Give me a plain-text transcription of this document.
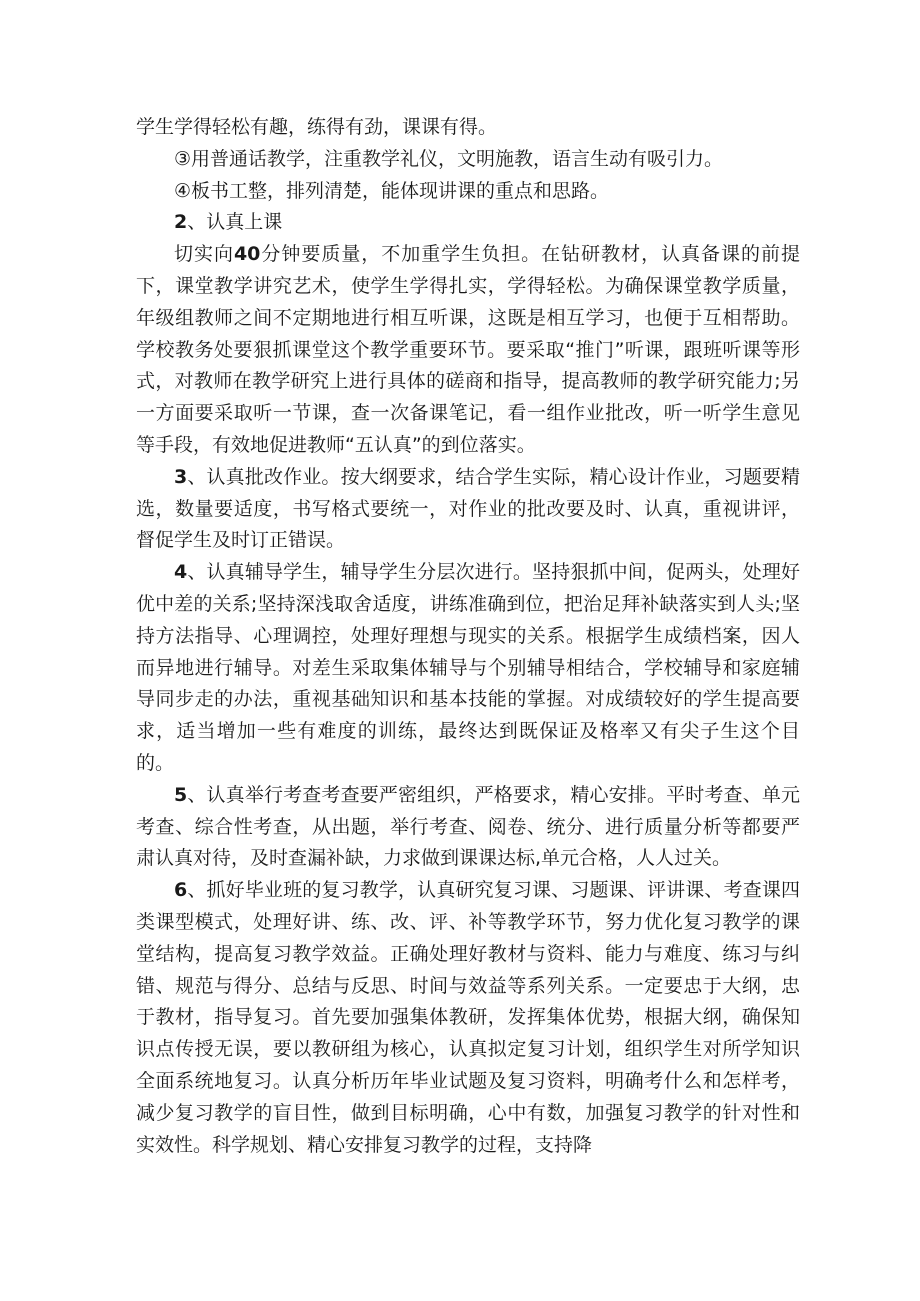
学生学得轻松有趣，练得有劲，课课有得。

③用普通话教学，注重教学礼仪，文明施教，语言生动有吸引力。

④板书工整，排列清楚，能体现讲课的重点和思路。

2、认真上课

切实向40分钟要质量，不加重学生负担。在钻研教材，认真备课的前提下，课堂教学讲究艺术，使学生学得扎实，学得轻松。为确保课堂教学质量，年级组教师之间不定期地进行相互听课，这既是相互学习，也便于互相帮助。学校教务处要狠抓课堂这个教学重要环节。要采取“推门”听课，跟班听课等形式，对教师在教学研究上进行具体的磋商和指导，提高教师的教学研究能力;另一方面要采取听一节课，查一次备课笔记，看一组作业批改，听一听学生意见等手段，有效地促进教师“五认真”的到位落实。

3、认真批改作业。按大纲要求，结合学生实际，精心设计作业，习题要精选，数量要适度，书写格式要统一，对作业的批改要及时、认真，重视讲评，督促学生及时订正错误。

4、认真辅导学生，辅导学生分层次进行。坚持狠抓中间，促两头，处理好优中差的关系;坚持深浅取舍适度，讲练准确到位，把治足拜补缺落实到人头;坚持方法指导、心理调控，处理好理想与现实的关系。根据学生成绩档案，因人而异地进行辅导。对差生采取集体辅导与个别辅导相结合，学校辅导和家庭辅导同步走的办法，重视基础知识和基本技能的掌握。对成绩较好的学生提高要求，适当增加一些有难度的训练，最终达到既保证及格率又有尖子生这个目的。

5、认真举行考查考查要严密组织，严格要求，精心安排。平时考查、单元考查、综合性考查，从出题，举行考查、阅卷、统分、进行质量分析等都要严肃认真对待，及时查漏补缺，力求做到课课达标,单元合格，人人过关。

6、抓好毕业班的复习教学，认真研究复习课、习题课、评讲课、考查课四类课型模式，处理好讲、练、改、评、补等教学环节，努力优化复习教学的课堂结构，提高复习教学效益。正确处理好教材与资料、能力与难度、练习与纠错、规范与得分、总结与反思、时间与效益等系列关系。一定要忠于大纲，忠于教材，指导复习。首先要加强集体教研，发挥集体优势，根据大纲，确保知识点传授无误，要以教研组为核心，认真拟定复习计划，组织学生对所学知识全面系统地复习。认真分析历年毕业试题及复习资料，明确考什么和怎样考，减少复习教学的盲目性，做到目标明确，心中有数，加强复习教学的针对性和实效性。科学规划、精心安排复习教学的过程，支持降
